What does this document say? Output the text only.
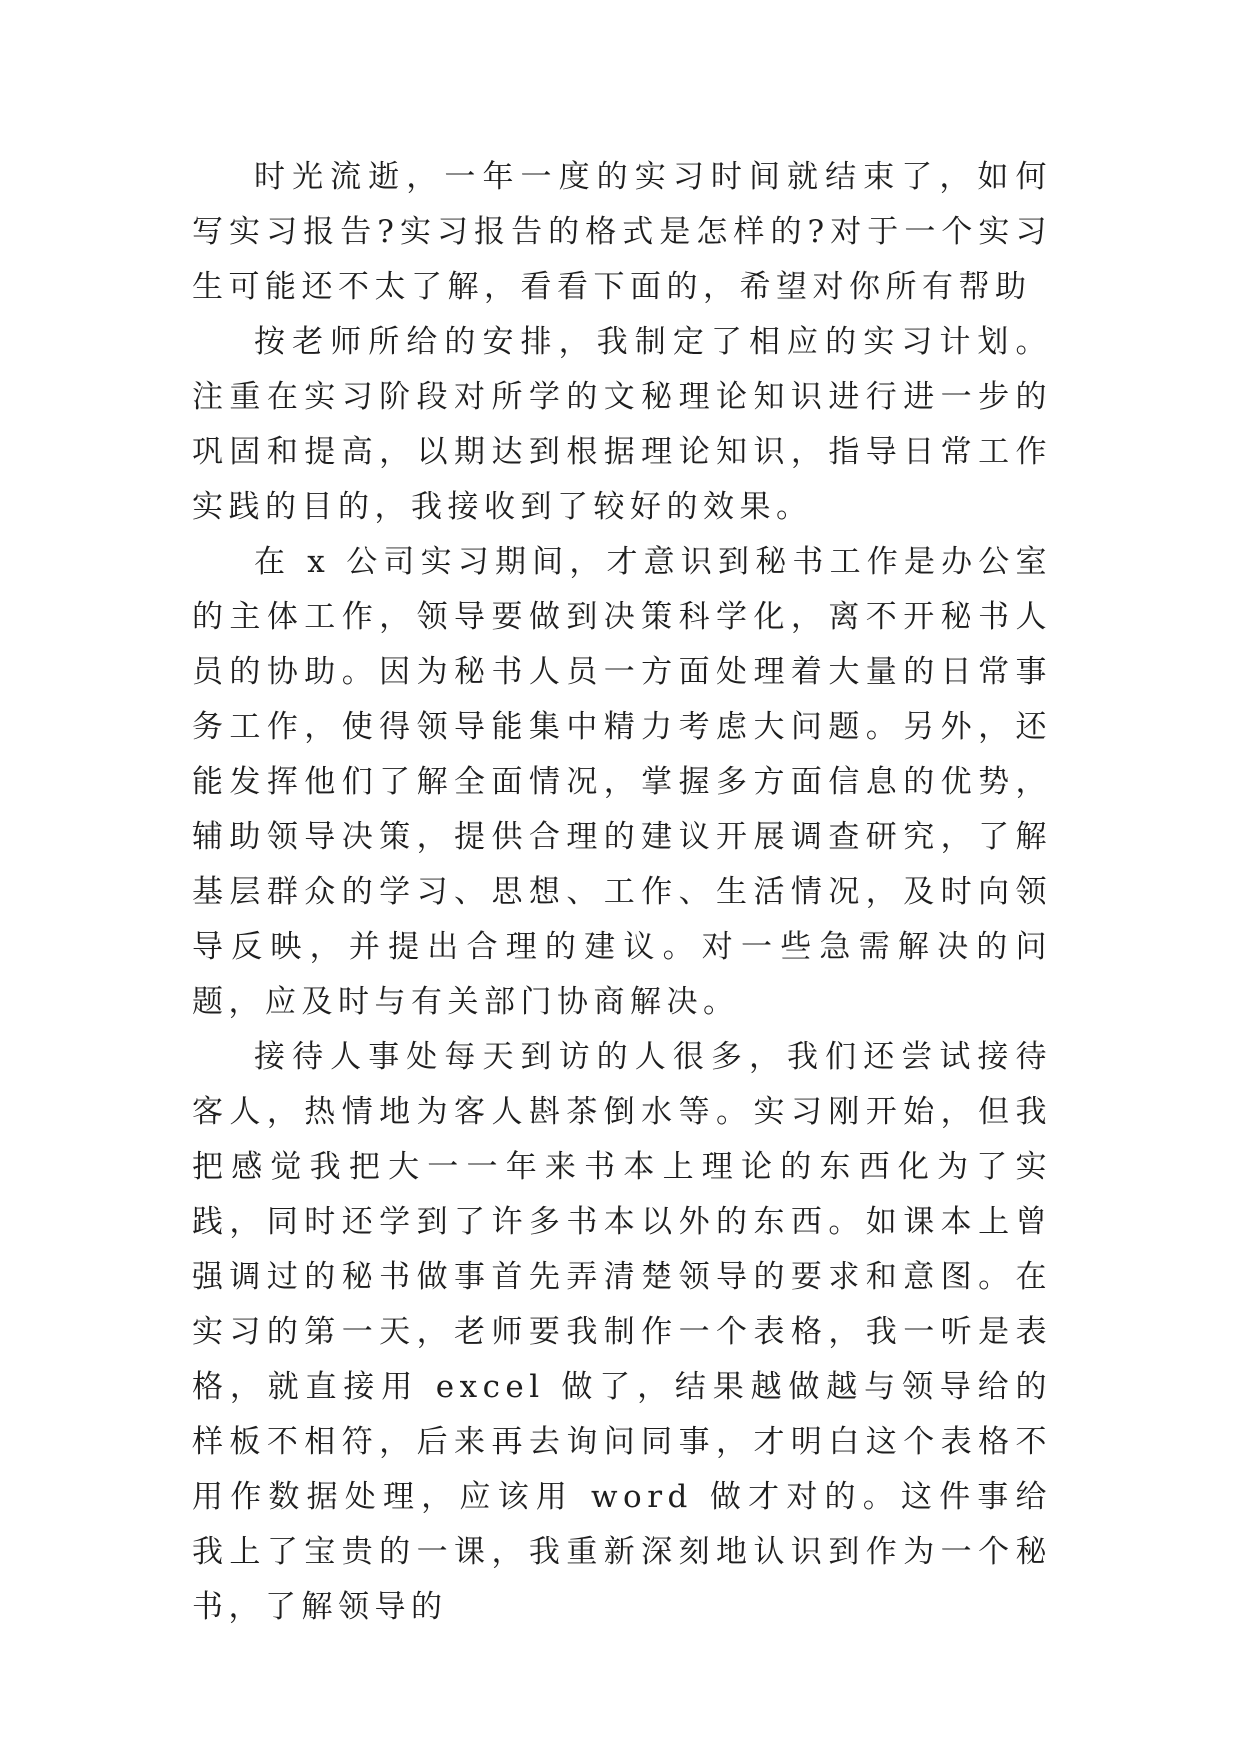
时光流逝，一年一度的实习时间就结束了，如何写实习报告?实习报告的格式是怎样的?对于一个实习生可能还不太了解，看看下面的，希望对你所有帮助

按老师所给的安排，我制定了相应的实习计划。注重在实习阶段对所学的文秘理论知识进行进一步的巩固和提高，以期达到根据理论知识，指导日常工作实践的目的，我接收到了较好的效果。

在 x 公司实习期间，才意识到秘书工作是办公室的主体工作，领导要做到决策科学化，离不开秘书人员的协助。因为秘书人员一方面处理着大量的日常事务工作，使得领导能集中精力考虑大问题。另外，还能发挥他们了解全面情况，掌握多方面信息的优势，辅助领导决策，提供合理的建议开展调查研究，了解基层群众的学习、思想、工作、生活情况，及时向领导反映，并提出合理的建议。对一些急需解决的问题，应及时与有关部门协商解决。

接待人事处每天到访的人很多，我们还尝试接待客人，热情地为客人斟茶倒水等。实习刚开始，但我把感觉我把大一一年来书本上理论的东西化为了实践，同时还学到了许多书本以外的东西。如课本上曾强调过的秘书做事首先弄清楚领导的要求和意图。在实习的第一天，老师要我制作一个表格，我一听是表格，就直接用 excel 做了，结果越做越与领导给的样板不相符，后来再去询问同事，才明白这个表格不用作数据处理，应该用 word 做才对的。这件事给我上了宝贵的一课，我重新深刻地认识到作为一个秘书，了解领导的
